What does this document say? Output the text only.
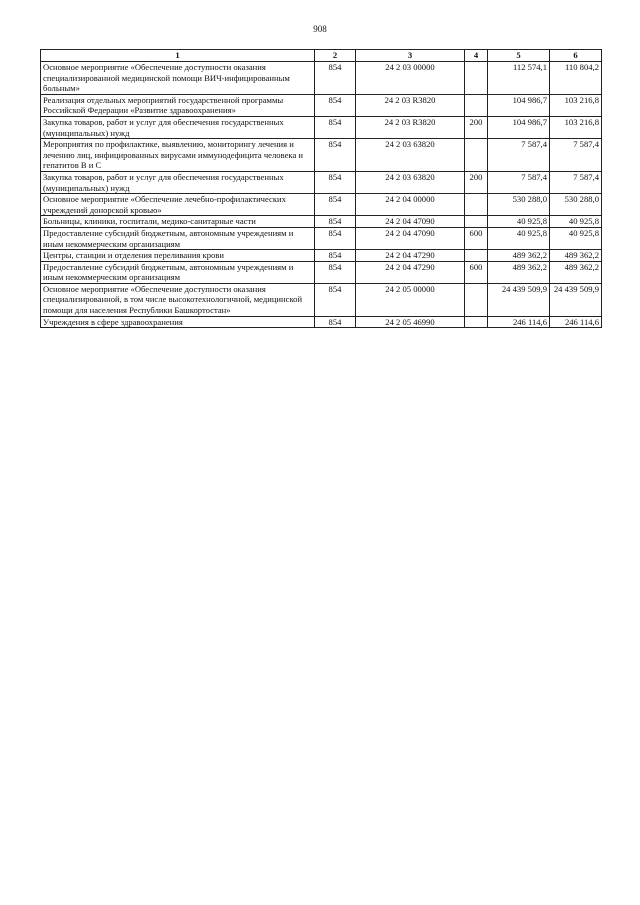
908
1	2	3	4	5	6
Основное мероприятие «Обеспечение доступности оказания специализированной медицинской помощи ВИЧ-инфицированным больным»	854	24 2 03 00000		112 574,1	110 804,2
Реализация отдельных мероприятий государственной программы Российской Федерации «Развитие здравоохранения»	854	24 2 03 R3820		104 986,7	103 216,8
Закупка товаров, работ и услуг для обеспечения государственных (муниципальных) нужд	854	24 2 03 R3820	200	104 986,7	103 216,8
Мероприятия по профилактике, выявлению, мониторингу лечения и лечению лиц, инфицированных вирусами иммунодефицита человека и гепатитов В и С	854	24 2 03 63820		7 587,4	7 587,4
Закупка товаров, работ и услуг для обеспечения государственных (муниципальных) нужд	854	24 2 03 63820	200	7 587,4	7 587,4
Основное мероприятие «Обеспечение лечебно-профилактических учреждений донорской кровью»	854	24 2 04 00000		530 288,0	530 288,0
Больницы, клиники, госпитали, медико-санитарные части	854	24 2 04 47090		40 925,8	40 925,8
Предоставление субсидий бюджетным, автономным учреждениям и иным некоммерческим организациям	854	24 2 04 47090	600	40 925,8	40 925,8
Центры, станции и отделения переливания крови	854	24 2 04 47290		489 362,2	489 362,2
Предоставление субсидий бюджетным, автономным учреждениям и иным некоммерческим организациям	854	24 2 04 47290	600	489 362,2	489 362,2
Основное мероприятие «Обеспечение доступности оказания специализированной, в том числе высокотехнологичной, медицинской помощи для населения Республики Башкортостан»	854	24 2 05 00000		24 439 509,9	24 439 509,9
Учреждения в сфере здравоохранения	854	24 2 05 46990		246 114,6	246 114,6
